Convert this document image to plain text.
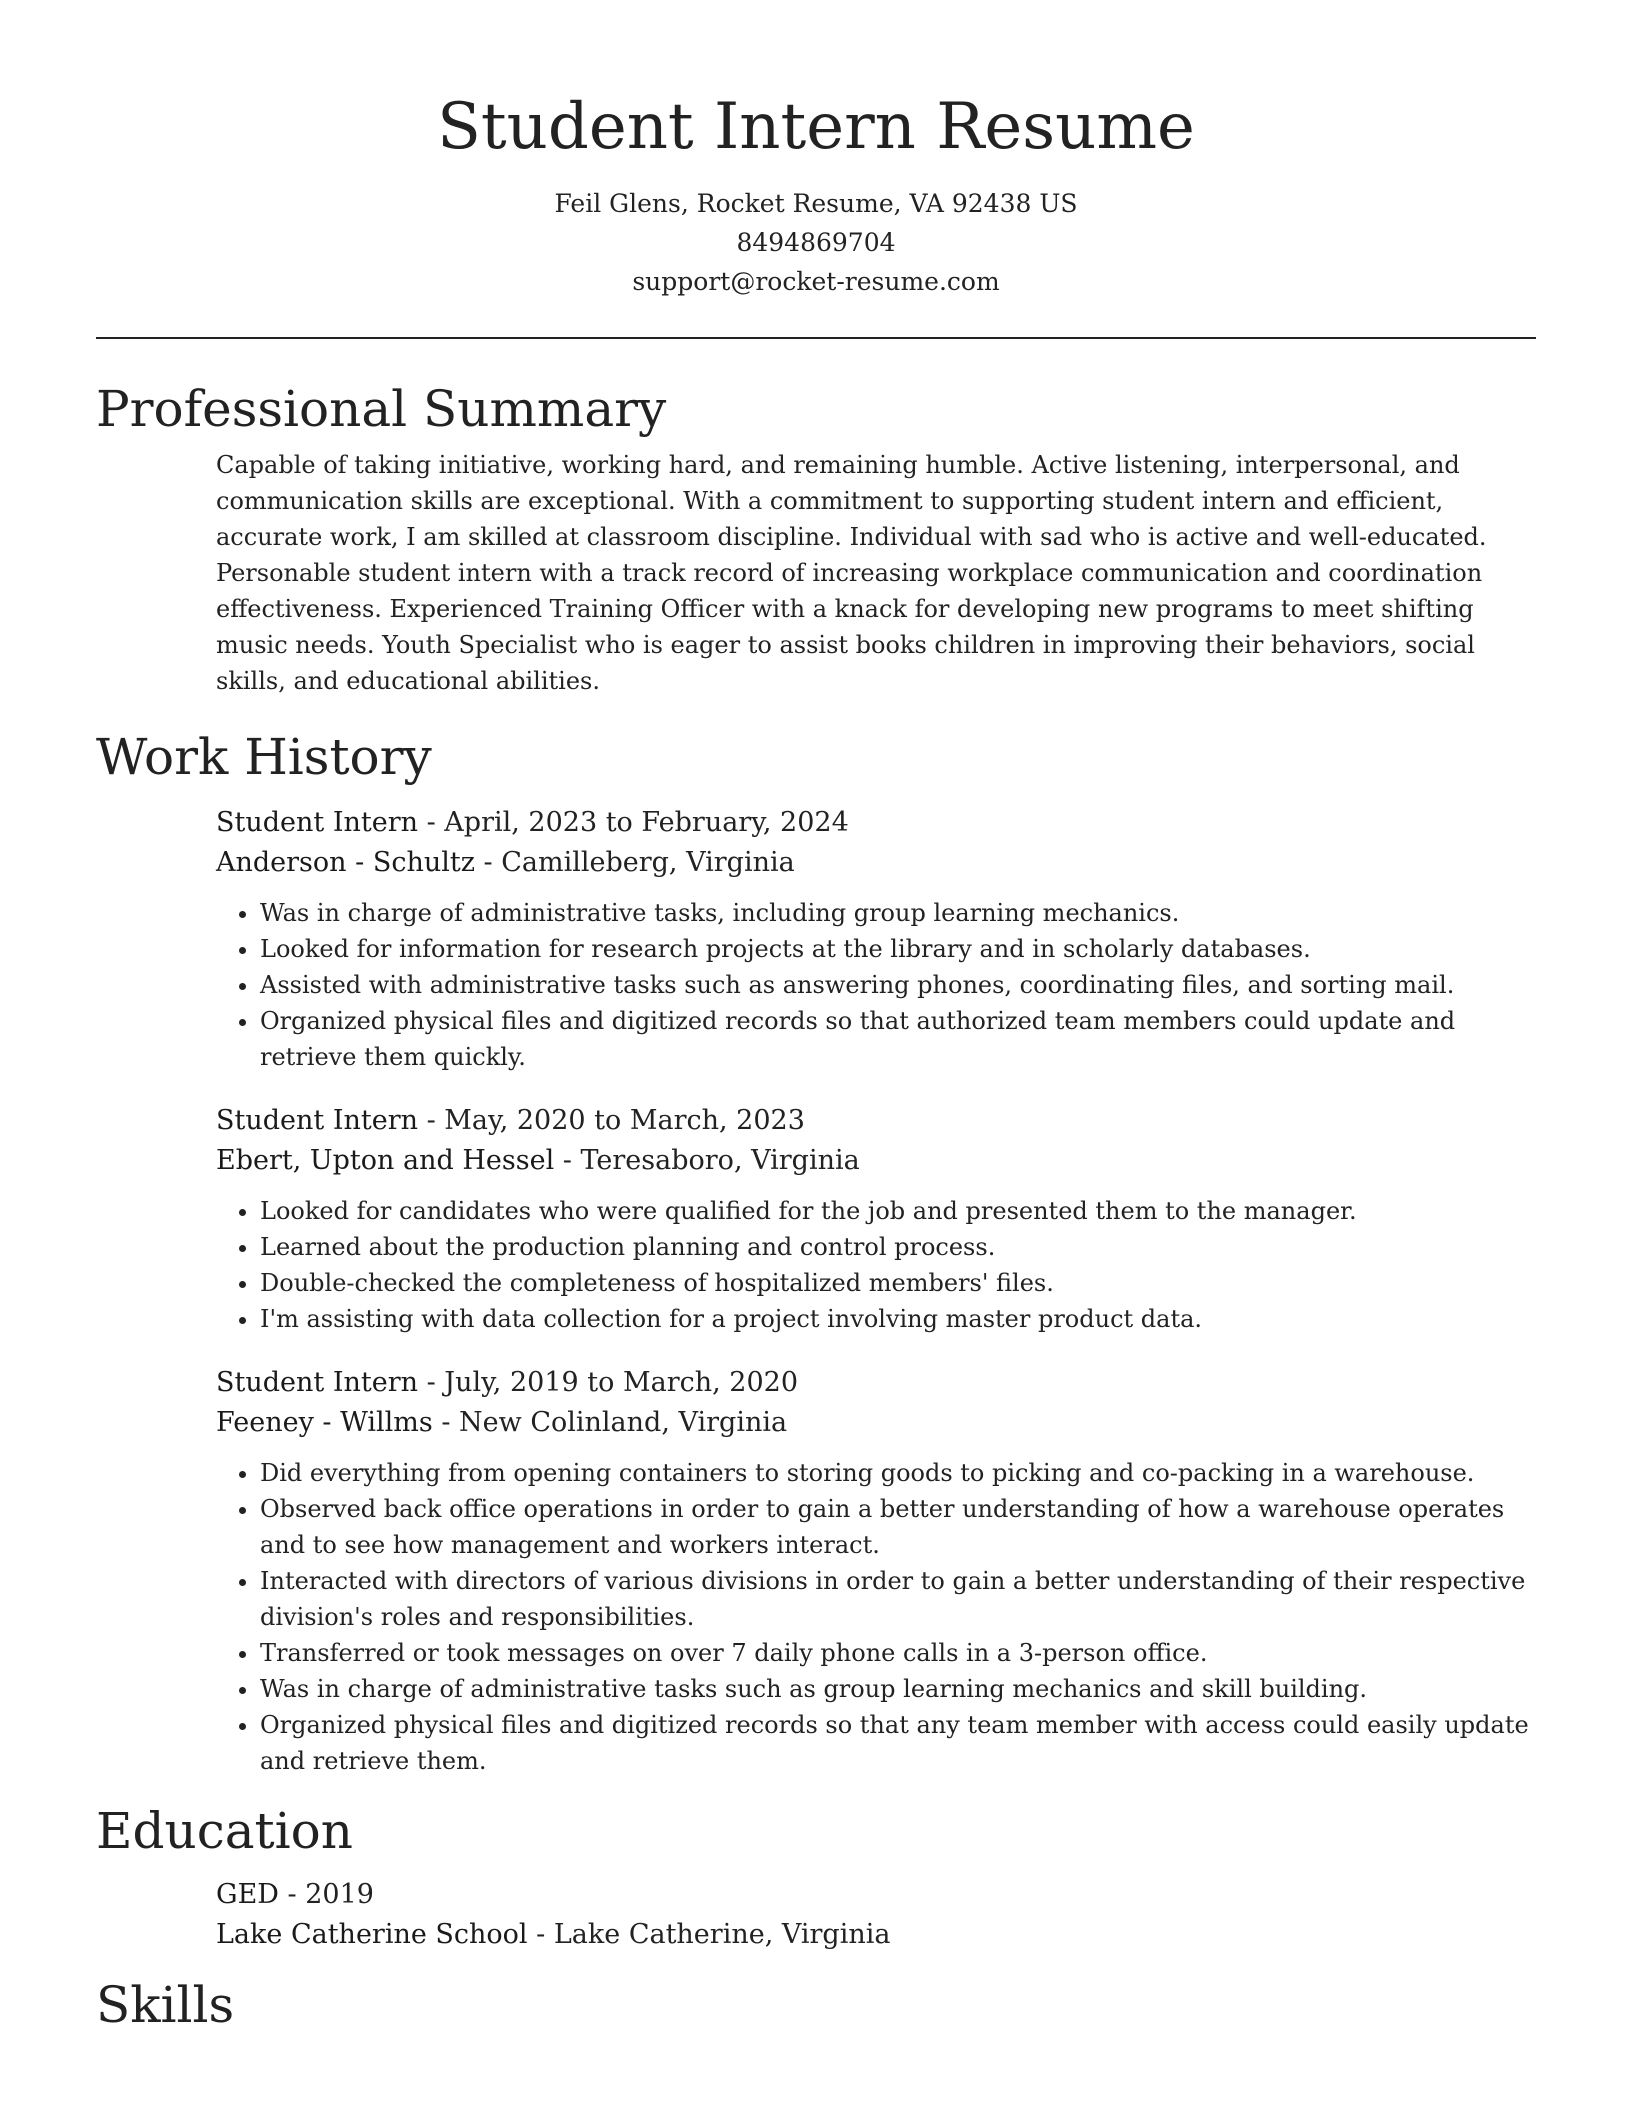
Student Intern Resume
Feil Glens, Rocket Resume, VA 92438 US
8494869704
support@rocket-resume.com
Professional Summary
Capable of taking initiative, working hard, and remaining humble. Active listening, interpersonal, and communication skills are exceptional. With a commitment to supporting student intern and efficient, accurate work, I am skilled at classroom discipline. Individual with sad who is active and well-educated. Personable student intern with a track record of increasing workplace communication and coordination effectiveness. Experienced Training Officer with a knack for developing new programs to meet shifting music needs. Youth Specialist who is eager to assist books children in improving their behaviors, social skills, and educational abilities.
Work History
Student Intern - April, 2023 to February, 2024
Anderson - Schultz - Camilleberg, Virginia
• Was in charge of administrative tasks, including group learning mechanics.
• Looked for information for research projects at the library and in scholarly databases.
• Assisted with administrative tasks such as answering phones, coordinating files, and sorting mail.
• Organized physical files and digitized records so that authorized team members could update and retrieve them quickly.
Student Intern - May, 2020 to March, 2023
Ebert, Upton and Hessel - Teresaboro, Virginia
• Looked for candidates who were qualified for the job and presented them to the manager.
• Learned about the production planning and control process.
• Double-checked the completeness of hospitalized members' files.
• I'm assisting with data collection for a project involving master product data.
Student Intern - July, 2019 to March, 2020
Feeney - Willms - New Colinland, Virginia
• Did everything from opening containers to storing goods to picking and co-packing in a warehouse.
• Observed back office operations in order to gain a better understanding of how a warehouse operates and to see how management and workers interact.
• Interacted with directors of various divisions in order to gain a better understanding of their respective division's roles and responsibilities.
• Transferred or took messages on over 7 daily phone calls in a 3-person office.
• Was in charge of administrative tasks such as group learning mechanics and skill building.
• Organized physical files and digitized records so that any team member with access could easily update and retrieve them.
Education
GED - 2019
Lake Catherine School - Lake Catherine, Virginia
Skills
